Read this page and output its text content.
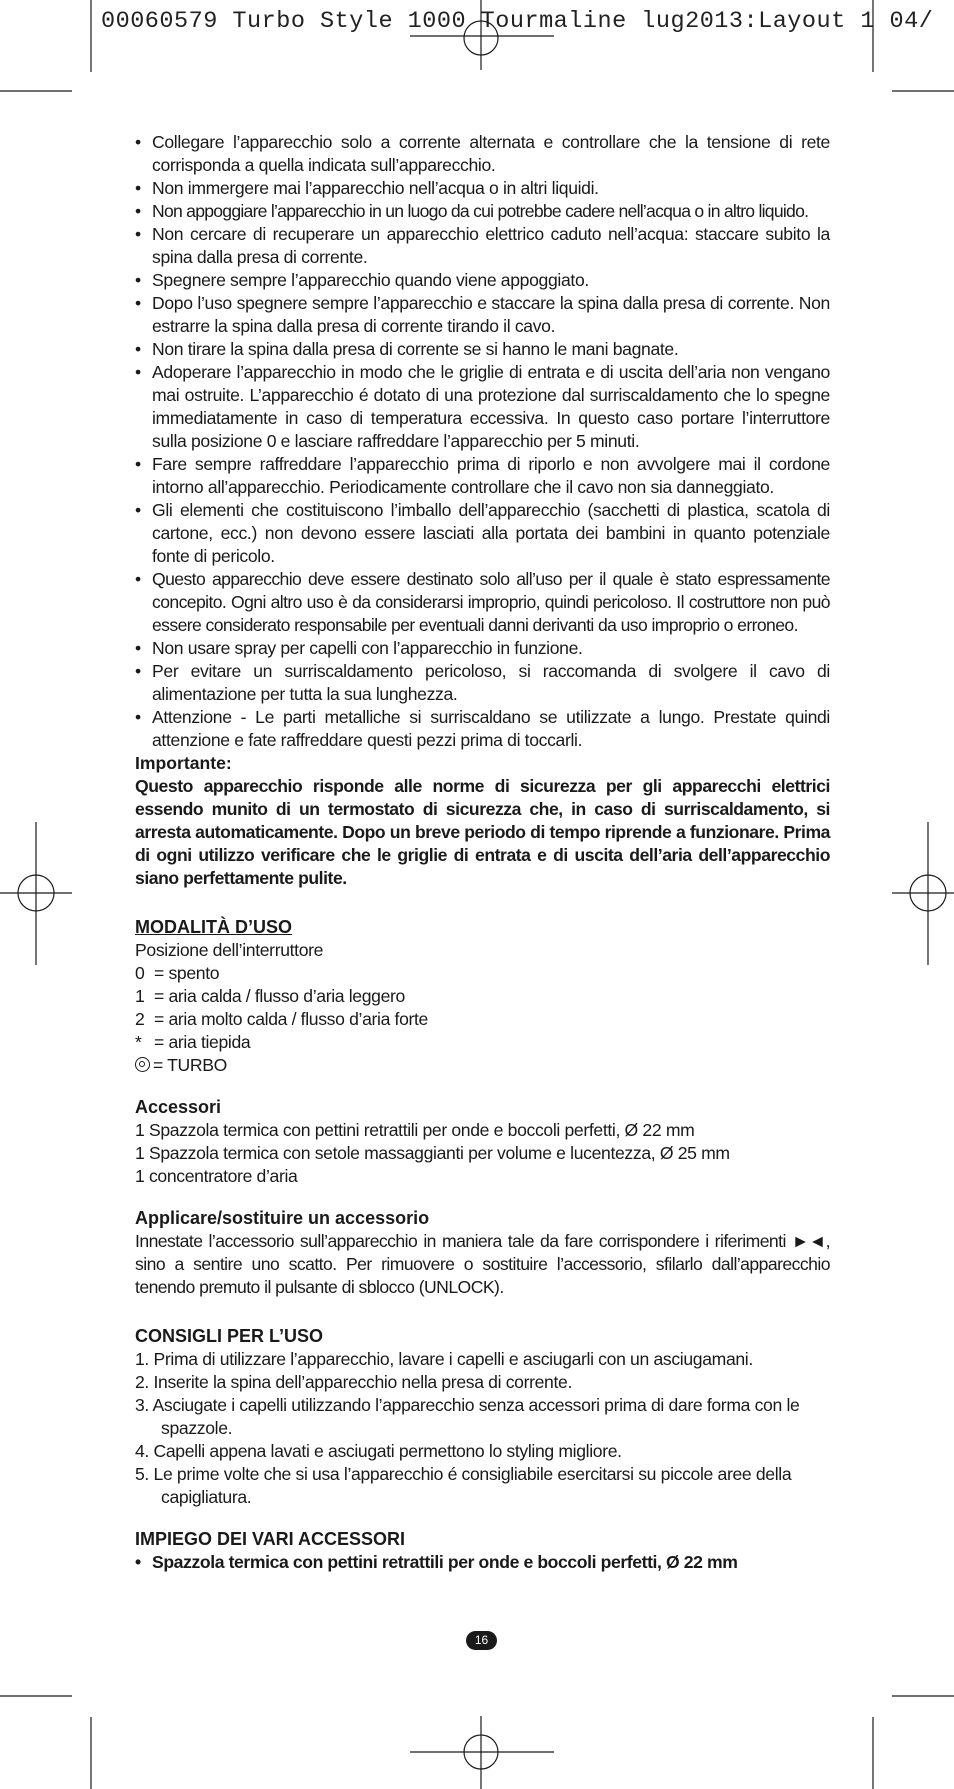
00060579 Turbo Style 1000 Tourmaline lug2013:Layout 1 04/
• Collegare l’apparecchio solo a corrente alternata e controllare che la tensione di rete corrisponda a quella indicata sull’apparecchio.
• Non immergere mai l’apparecchio nell’acqua o in altri liquidi.
• Non appoggiare l’apparecchio in un luogo da cui potrebbe cadere nell’acqua o in altro liquido.
• Non cercare di recuperare un apparecchio elettrico caduto nell’acqua: staccare subito la spina dalla presa di corrente.
• Spegnere sempre l’apparecchio quando viene appoggiato.
• Dopo l’uso spegnere sempre l’apparecchio e staccare la spina dalla presa di corrente. Non estrarre la spina dalla presa di corrente tirando il cavo.
• Non tirare la spina dalla presa di corrente se si hanno le mani bagnate.
• Adoperare l’apparecchio in modo che le griglie di entrata e di uscita dell’aria non vengano mai ostruite. L’apparecchio é dotato di una protezione dal surriscaldamento che lo spegne immediatamente in caso di temperatura eccessiva. In questo caso portare l’interruttore sulla posizione 0 e lasciare raffreddare l’apparecchio per 5 minuti.
• Fare sempre raffreddare l’apparecchio prima di riporlo e non avvolgere mai il cordone intorno all’apparecchio. Periodicamente controllare che il cavo non sia danneggiato.
• Gli elementi che costituiscono l’imballo dell’apparecchio (sacchetti di plastica, scatola di cartone, ecc.) non devono essere lasciati alla portata dei bambini in quanto potenziale fonte di pericolo.
• Questo apparecchio deve essere destinato solo all’uso per il quale è stato espressamente concepito. Ogni altro uso è da considerarsi improprio, quindi pericoloso. Il costruttore non può essere considerato responsabile per eventuali danni derivanti da uso improprio o erroneo.
• Non usare spray per capelli con l’apparecchio in funzione.
• Per evitare un surriscaldamento pericoloso, si raccomanda di svolgere il cavo di alimentazione per tutta la sua lunghezza.
• Attenzione - Le parti metalliche si surriscaldano se utilizzate a lungo. Prestate quindi attenzione e fate raffreddare questi pezzi prima di toccarli.
Importante:
Questo apparecchio risponde alle norme di sicurezza per gli apparecchi elettrici essendo munito di un termostato di sicurezza che, in caso di surriscaldamento, si arresta automaticamente. Dopo un breve periodo di tempo riprende a funzionare. Prima di ogni utilizzo verificare che le griglie di entrata e di uscita dell’aria dell’apparecchio siano perfettamente pulite.
MODALITÀ D’USO
Posizione dell’interruttore
0 = spento
1 = aria calda / flusso d’aria leggero
2 = aria molto calda / flusso d’aria forte
* = aria tiepida
= TURBO
Accessori
1 Spazzola termica con pettini retrattili per onde e boccoli perfetti, Ø 22 mm
1 Spazzola termica con setole massaggianti per volume e lucentezza, Ø 25 mm
1 concentratore d’aria
Applicare/sostituire un accessorio
Innestate l’accessorio sull’apparecchio in maniera tale da fare corrispondere i riferimenti ►◄, sino a sentire uno scatto. Per rimuovere o sostituire l’accessorio, sfilarlo dall’apparecchio tenendo premuto il pulsante di sblocco (UNLOCK).
CONSIGLI PER L’USO
1. Prima di utilizzare l’apparecchio, lavare i capelli e asciugarli con un asciugamani.
2. Inserite la spina dell’apparecchio nella presa di corrente.
3. Asciugate i capelli utilizzando l’apparecchio senza accessori prima di dare forma con le spazzole.
4. Capelli appena lavati e asciugati permettono lo styling migliore.
5. Le prime volte che si usa l’apparecchio é consigliabile esercitarsi su piccole aree della capigliatura.
IMPIEGO DEI VARI ACCESSORI
• Spazzola termica con pettini retrattili per onde e boccoli perfetti, Ø 22 mm
16
